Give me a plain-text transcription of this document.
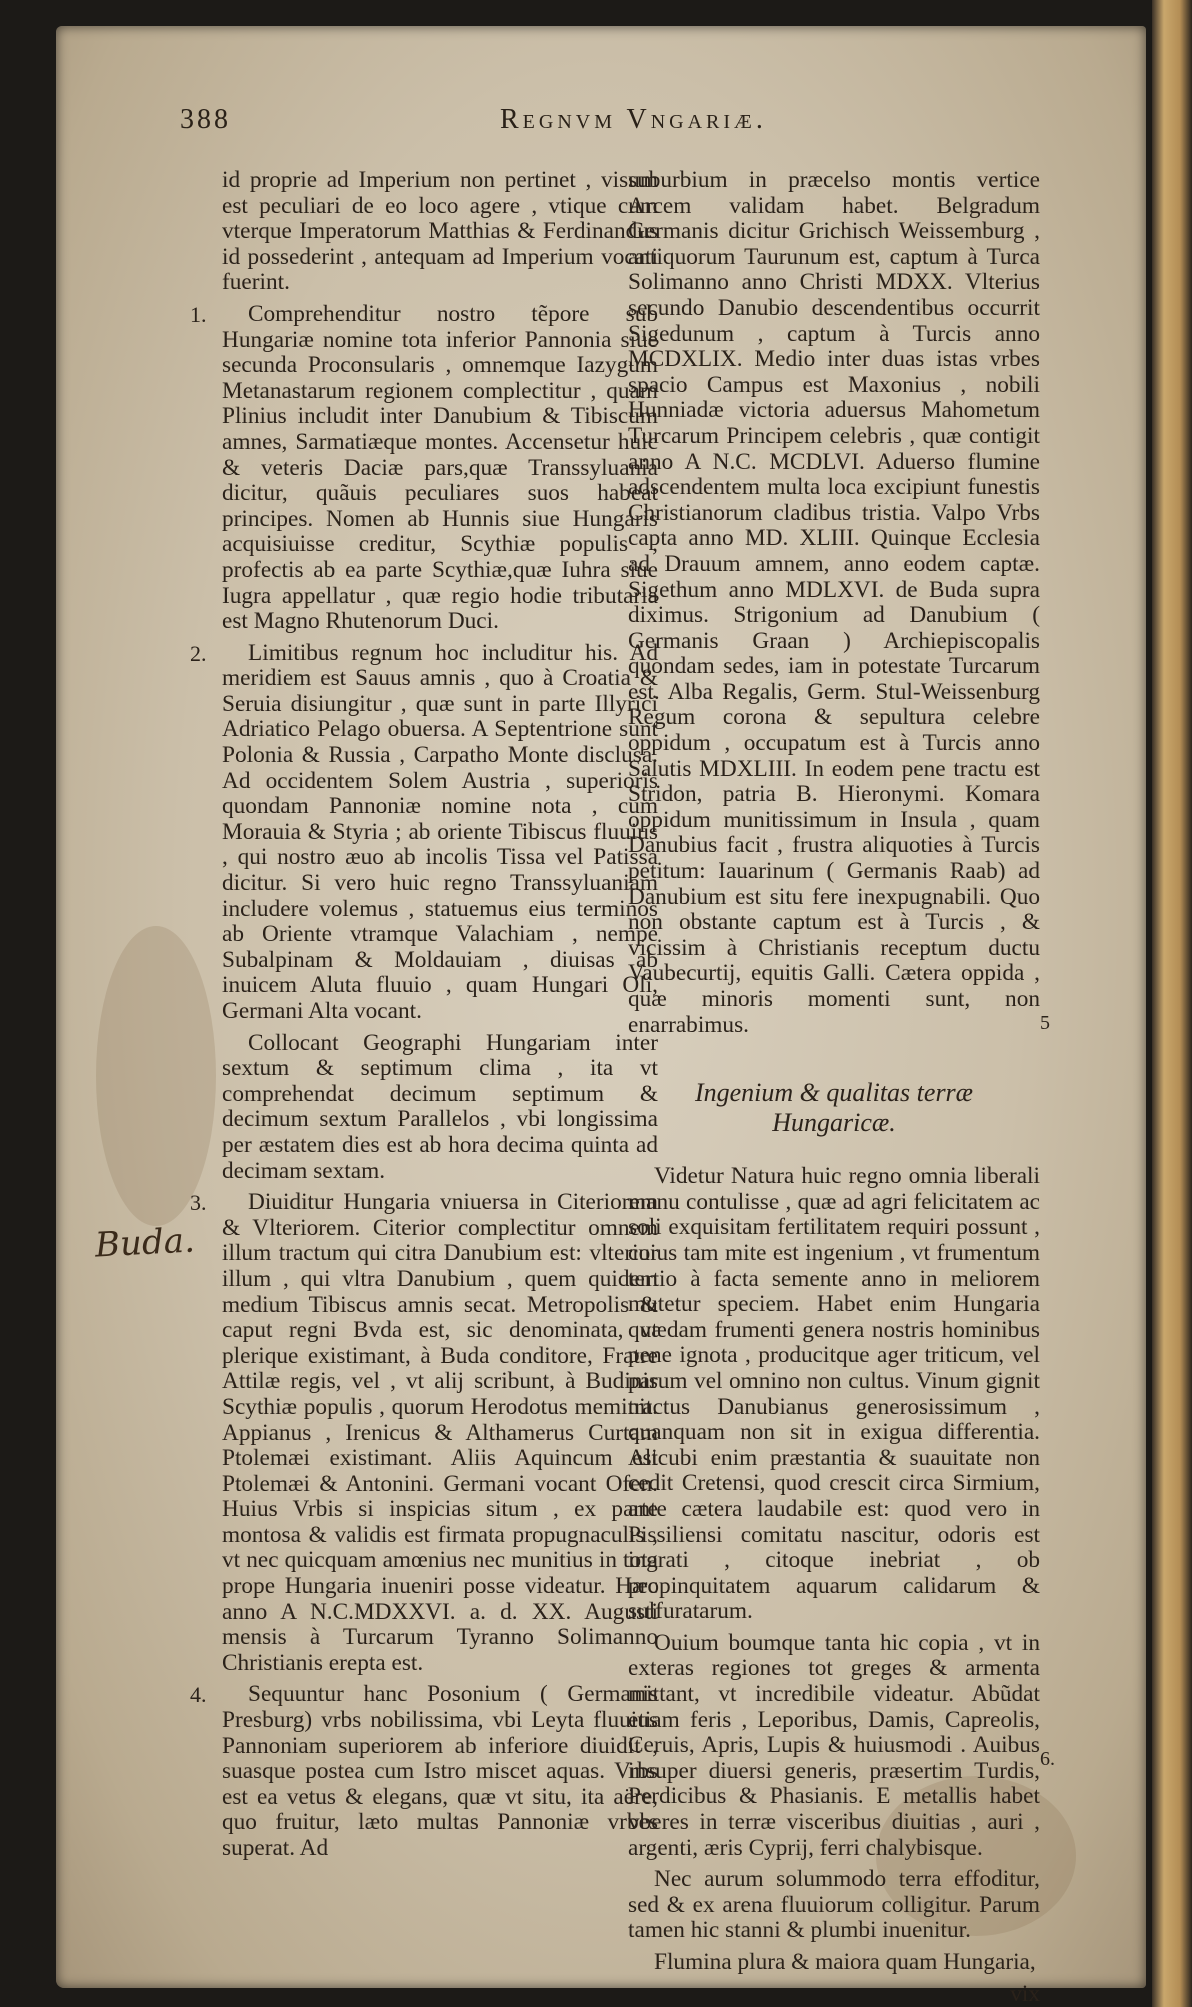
388	Regnvm Vngariæ.
Buda.

id proprie ad Imperium non pertinet , visum est peculiari de eo loco agere , vtique cum vterque Imperatorum Matthias & Ferdinandus id possederint , antequam ad Imperium vocati fuerint.

1.	Comprehenditur nostro tẽpore sub Hungariæ nomine tota inferior Pannonia siue secunda Proconsularis , omnemque Iazygum Metanastarum regionem complectitur , quam Plinius includit inter Danubium & Tibiscum amnes, Sarmatiæque montes. Accensetur huic & veteris Daciæ pars,quæ Transsyluania dicitur, quãuis peculiares suos habeat principes. Nomen ab Hunnis siue Hungaris acquisiuisse creditur, Scythiæ populis , profectis ab ea parte Scythiæ,quæ Iuhra siue Iugra appellatur , quæ regio hodie tributaria est Magno Rhutenorum Duci.

2.	Limitibus regnum hoc includitur his. Ad meridiem est Sauus amnis , quo à Croatia & Seruia disiungitur , quæ sunt in parte Illyrici Adriatico Pelago obuersa. A Septentrione sunt Polonia & Russia , Carpatho Monte disclusa. Ad occidentem Solem Austria , superioris quondam Pannoniæ nomine nota , cum Morauia & Styria ; ab oriente Tibiscus fluuius , qui nostro æuo ab incolis Tissa vel Patissa dicitur. Si vero huic regno Transsyluaniam includere volemus , statuemus eius terminos ab Oriente vtramque Valachiam , nempe Subalpinam & Moldauiam , diuisas ab inuicem Aluta fluuio , quam Hungari Oli, Germani Alta vocant.

Collocant Geographi Hungariam inter sextum & septimum clima , ita vt comprehendat decimum septimum & decimum sextum Parallelos , vbi longissima per æstatem dies est ab hora decima quinta ad decimam sextam.

3.	Diuiditur Hungaria vniuersa in Citeriorem & Vlteriorem. Citerior complectitur omnem illum tractum qui citra Danubium est: vlterior illum , qui vltra Danubium , quem quidem medium Tibiscus amnis secat. Metropolis & caput regni Bvda est, sic denominata, vt plerique existimant, à Buda conditore, Fratre Attilæ regis, vel , vt alij scribunt, à Budinis Scythiæ populis , quorum Herodotus meminit. Appianus , Irenicus & Althamerus Curtam Ptolemæi existimant. Aliis Aquincum est Ptolemæi & Antonini. Germani vocant Ofen. Huius Vrbis si inspicias situm , ex parte montosa & validis est firmata propugnaculis , vt nec quicquam amœnius nec munitius in tota prope Hungaria inueniri posse videatur. Hæc anno A N.C.MDXXVI. a. d. XX. Augusti mensis à Turcarum Tyranno Solimanno Christianis erepta est.

4.	Sequuntur hanc Posonium ( Germanis Presburg) vrbs nobilissima, vbi Leyta fluuius Pannoniam superiorem ab inferiore diuidit , suasque postea cum Istro miscet aquas. Vrbs est ea vetus & elegans, quæ vt situ, ita aëre, quo fruitur, læto multas Pannoniæ vrbes superat. Ad

suburbium in præcelso montis vertice Arcem validam habet. Belgradum Germanis dicitur Grichisch Weissemburg , antiquorum Taurunum est, captum à Turca Solimanno anno Christi MDXX. Vlterius secundo Danubio descendentibus occurrit Sigedunum , captum à Turcis anno MCDXLIX. Medio inter duas istas vrbes spacio Campus est Maxonius , nobili Hunniadæ victoria aduersus Mahometum Turcarum Principem celebris , quæ contigit anno A N.C. MCDLVI. Aduerso flumine adscendentem multa loca excipiunt funestis Christianorum cladibus tristia. Valpo Vrbs capta anno MD. XLIII. Quinque Ecclesia ad Drauum amnem, anno eodem captæ. Sigethum anno MDLXVI. de Buda supra diximus. Strigonium ad Danubium ( Germanis Graan ) Archiepiscopalis quondam sedes, iam in potestate Turcarum est. Alba Regalis, Germ. Stul-Weissenburg Regum corona & sepultura celebre oppidum , occupatum est à Turcis anno Salutis MDXLIII. In eodem pene tractu est Stridon, patria B. Hieronymi. Komara oppidum munitissimum in Insula , quam Danubius facit , frustra aliquoties à Turcis petitum: Iauarinum ( Germanis Raab) ad Danubium est situ fere inexpugnabili. Quo non obstante captum est à Turcis , & vicissim à Christianis receptum ductu Vaubecurtij, equitis Galli. Cætera oppida , quæ minoris momenti sunt, non enarrabimus.

Ingenium & qualitas terræ Hungaricæ.

Videtur Natura huic regno omnia liberali manu contulisse , quæ ad agri felicitatem ac soli exquisitam fertilitatem requiri possunt , cuius tam mite est ingenium , vt frumentum tertio à facta semente anno in meliorem mutetur speciem. Habet enim Hungaria quædam frumenti genera nostris hominibus pene ignota , producitque ager triticum, vel parum vel omnino non cultus. Vinum gignit tractus Danubianus generosissimum , quanquam non sit in exigua differentia. Alicubi enim præstantia & suauitate non cedit Cretensi, quod crescit circa Sirmium, ante cætera laudabile est: quod vero in Pissiliensi comitatu nascitur, odoris est ingrati , citoque inebriat , ob propinquitatem aquarum calidarum & sulfuratarum.

Ouium boumque tanta hic copia , vt in exteras regiones tot greges & armenta mittant, vt incredibile videatur. Abũdat etiam feris , Leporibus, Damis, Capreolis, Ceruis, Apris, Lupis & huiusmodi . Auibus insuper diuersi generis, præsertim Turdis, Perdicibus & Phasianis. E metallis habet vberes in terræ visceribus diuitias , auri , argenti, æris Cyprij, ferri chalybisque.

Nec aurum solummodo terra effoditur, sed & ex arena fluuiorum colligitur. Parum tamen hic stanni & plumbi inuenitur.

Flumina plura & maiora quam Hungaria,

vix
5
6.
